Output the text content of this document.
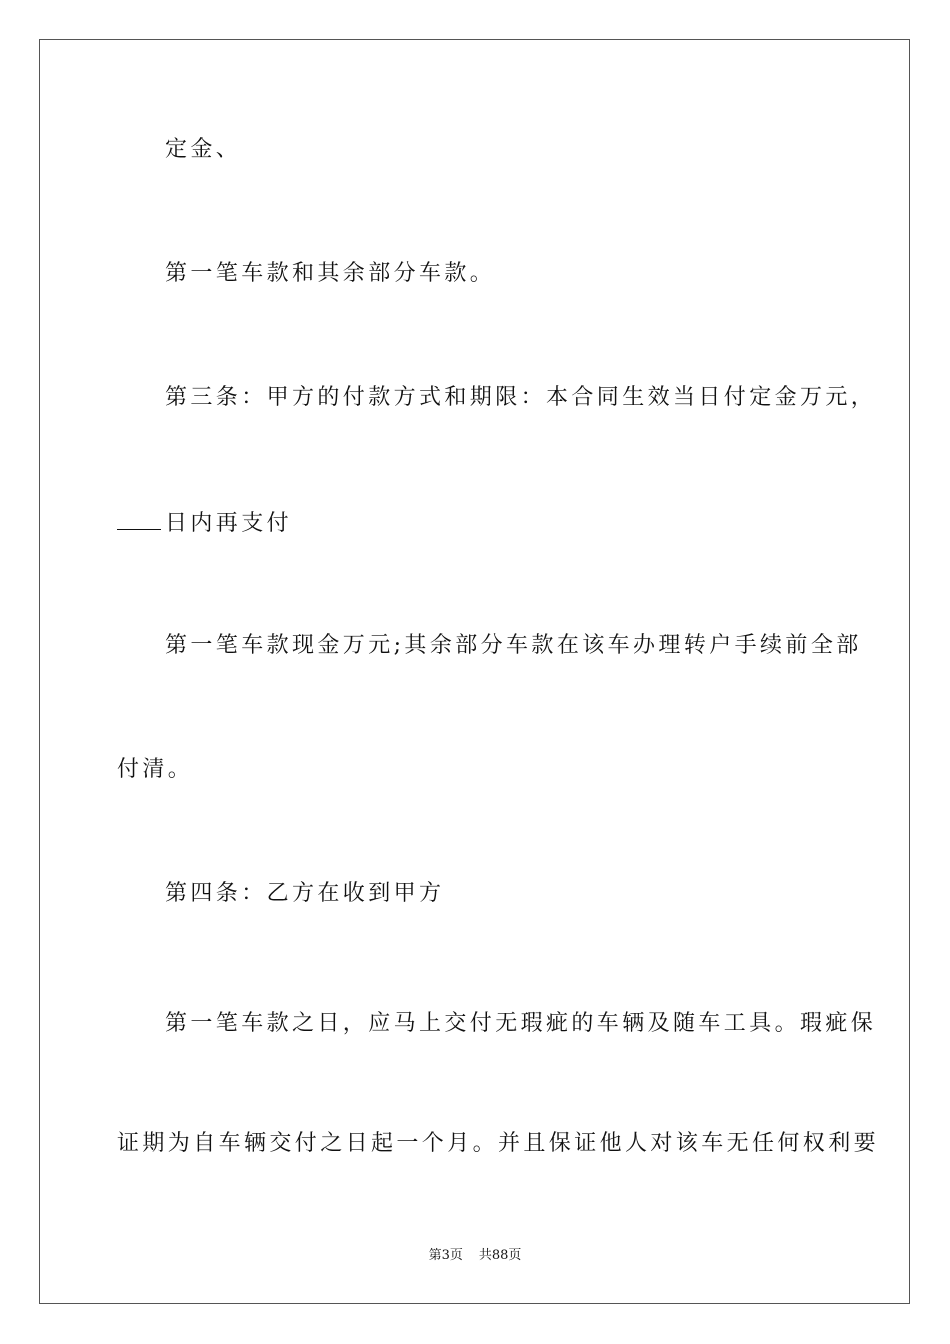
定金、
第一笔车款和其余部分车款。
第三条：甲方的付款方式和期限：本合同生效当日付定金万元，
日内再支付
第一笔车款现金万元;其余部分车款在该车办理转户手续前全部
付清。
第四条：乙方在收到甲方
第一笔车款之日，应马上交付无瑕疵的车辆及随车工具。瑕疵保
证期为自车辆交付之日起一个月。并且保证他人对该车无任何权利要
第3页 共88页
